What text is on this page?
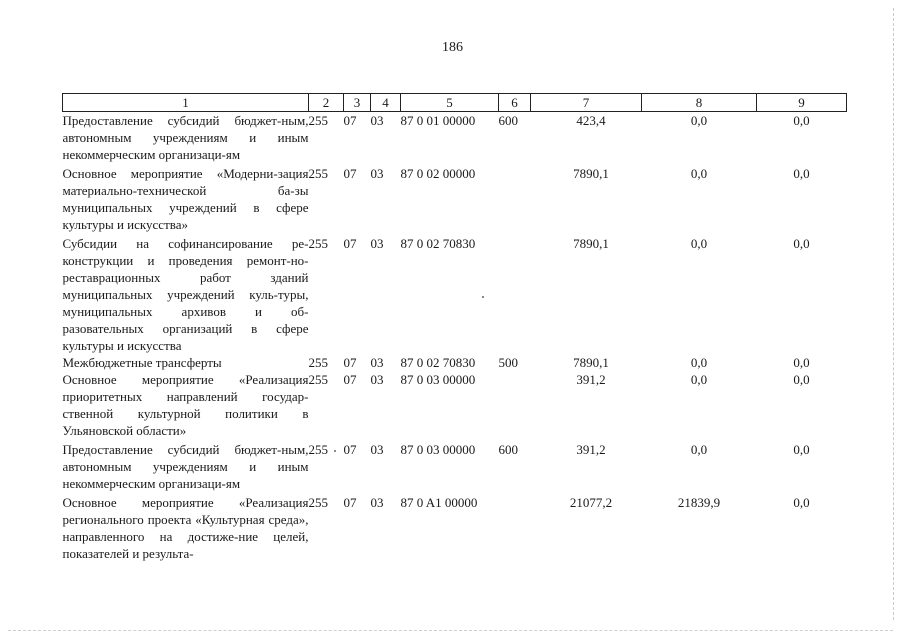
186
1	2	3	4	5	6	7	8	9
Предоставление субсидий бюджет-ным, автономным учреждениям и иным некоммерческим организаци-ям	255	07	03	87 0 01 00000	600	423,4	0,0	0,0
Основное мероприятие «Модерни-зация материально-технической ба-зы муниципальных учреждений в сфере культуры и искусства»	255	07	03	87 0 02 00000		7890,1	0,0	0,0
Субсидии на софинансирование ре-конструкции и проведения ремонт-но-реставрационных работ зданий муниципальных учреждений куль-туры, муниципальных архивов и об-разовательных организаций в сфере культуры и искусства	255	07	03	87 0 02 70830		7890,1	0,0	0,0
Межбюджетные трансферты	255	07	03	87 0 02 70830	500	7890,1	0,0	0,0
Основное мероприятие «Реализация приоритетных направлений государ-ственной культурной политики в Ульяновской области»	255	07	03	87 0 03 00000		391,2	0,0	0,0
Предоставление субсидий бюджет-ным, автономным учреждениям и иным некоммерческим организаци-ям	255	07	03	87 0 03 00000	600	391,2	0,0	0,0
Основное мероприятие «Реализация регионального проекта «Культурная среда», направленного на достиже-ние целей, показателей и результа-	255	07	03	87 0 A1 00000		21077,2	21839,9	0,0
